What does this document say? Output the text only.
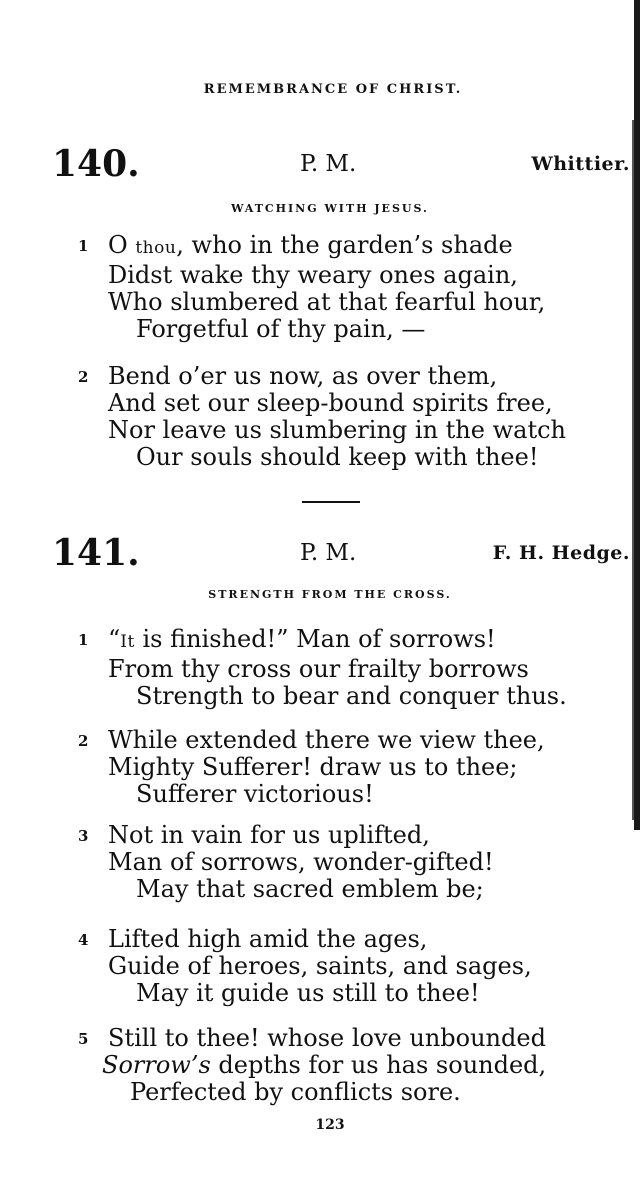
REMEMBRANCE OF CHRIST.
140.	P. M.	Whittier.
WATCHING WITH JESUS.
1 O thou, who in the garden’s shade
Didst wake thy weary ones again,
Who slumbered at that fearful hour,
Forgetful of thy pain, —
2 Bend o’er us now, as over them,
And set our sleep-bound spirits free,
Nor leave us slumbering in the watch
Our souls should keep with thee!
141.	P. M.	F. H. Hedge.
STRENGTH FROM THE CROSS.
1 “It is finished!” Man of sorrows!
From thy cross our frailty borrows
Strength to bear and conquer thus.
2 While extended there we view thee,
Mighty Sufferer! draw us to thee;
Sufferer victorious!
3 Not in vain for us uplifted,
Man of sorrows, wonder-gifted!
May that sacred emblem be;
4 Lifted high amid the ages,
Guide of heroes, saints, and sages,
May it guide us still to thee!
5 Still to thee! whose love unbounded
Sorrow’s depths for us has sounded,
Perfected by conflicts sore.
123
